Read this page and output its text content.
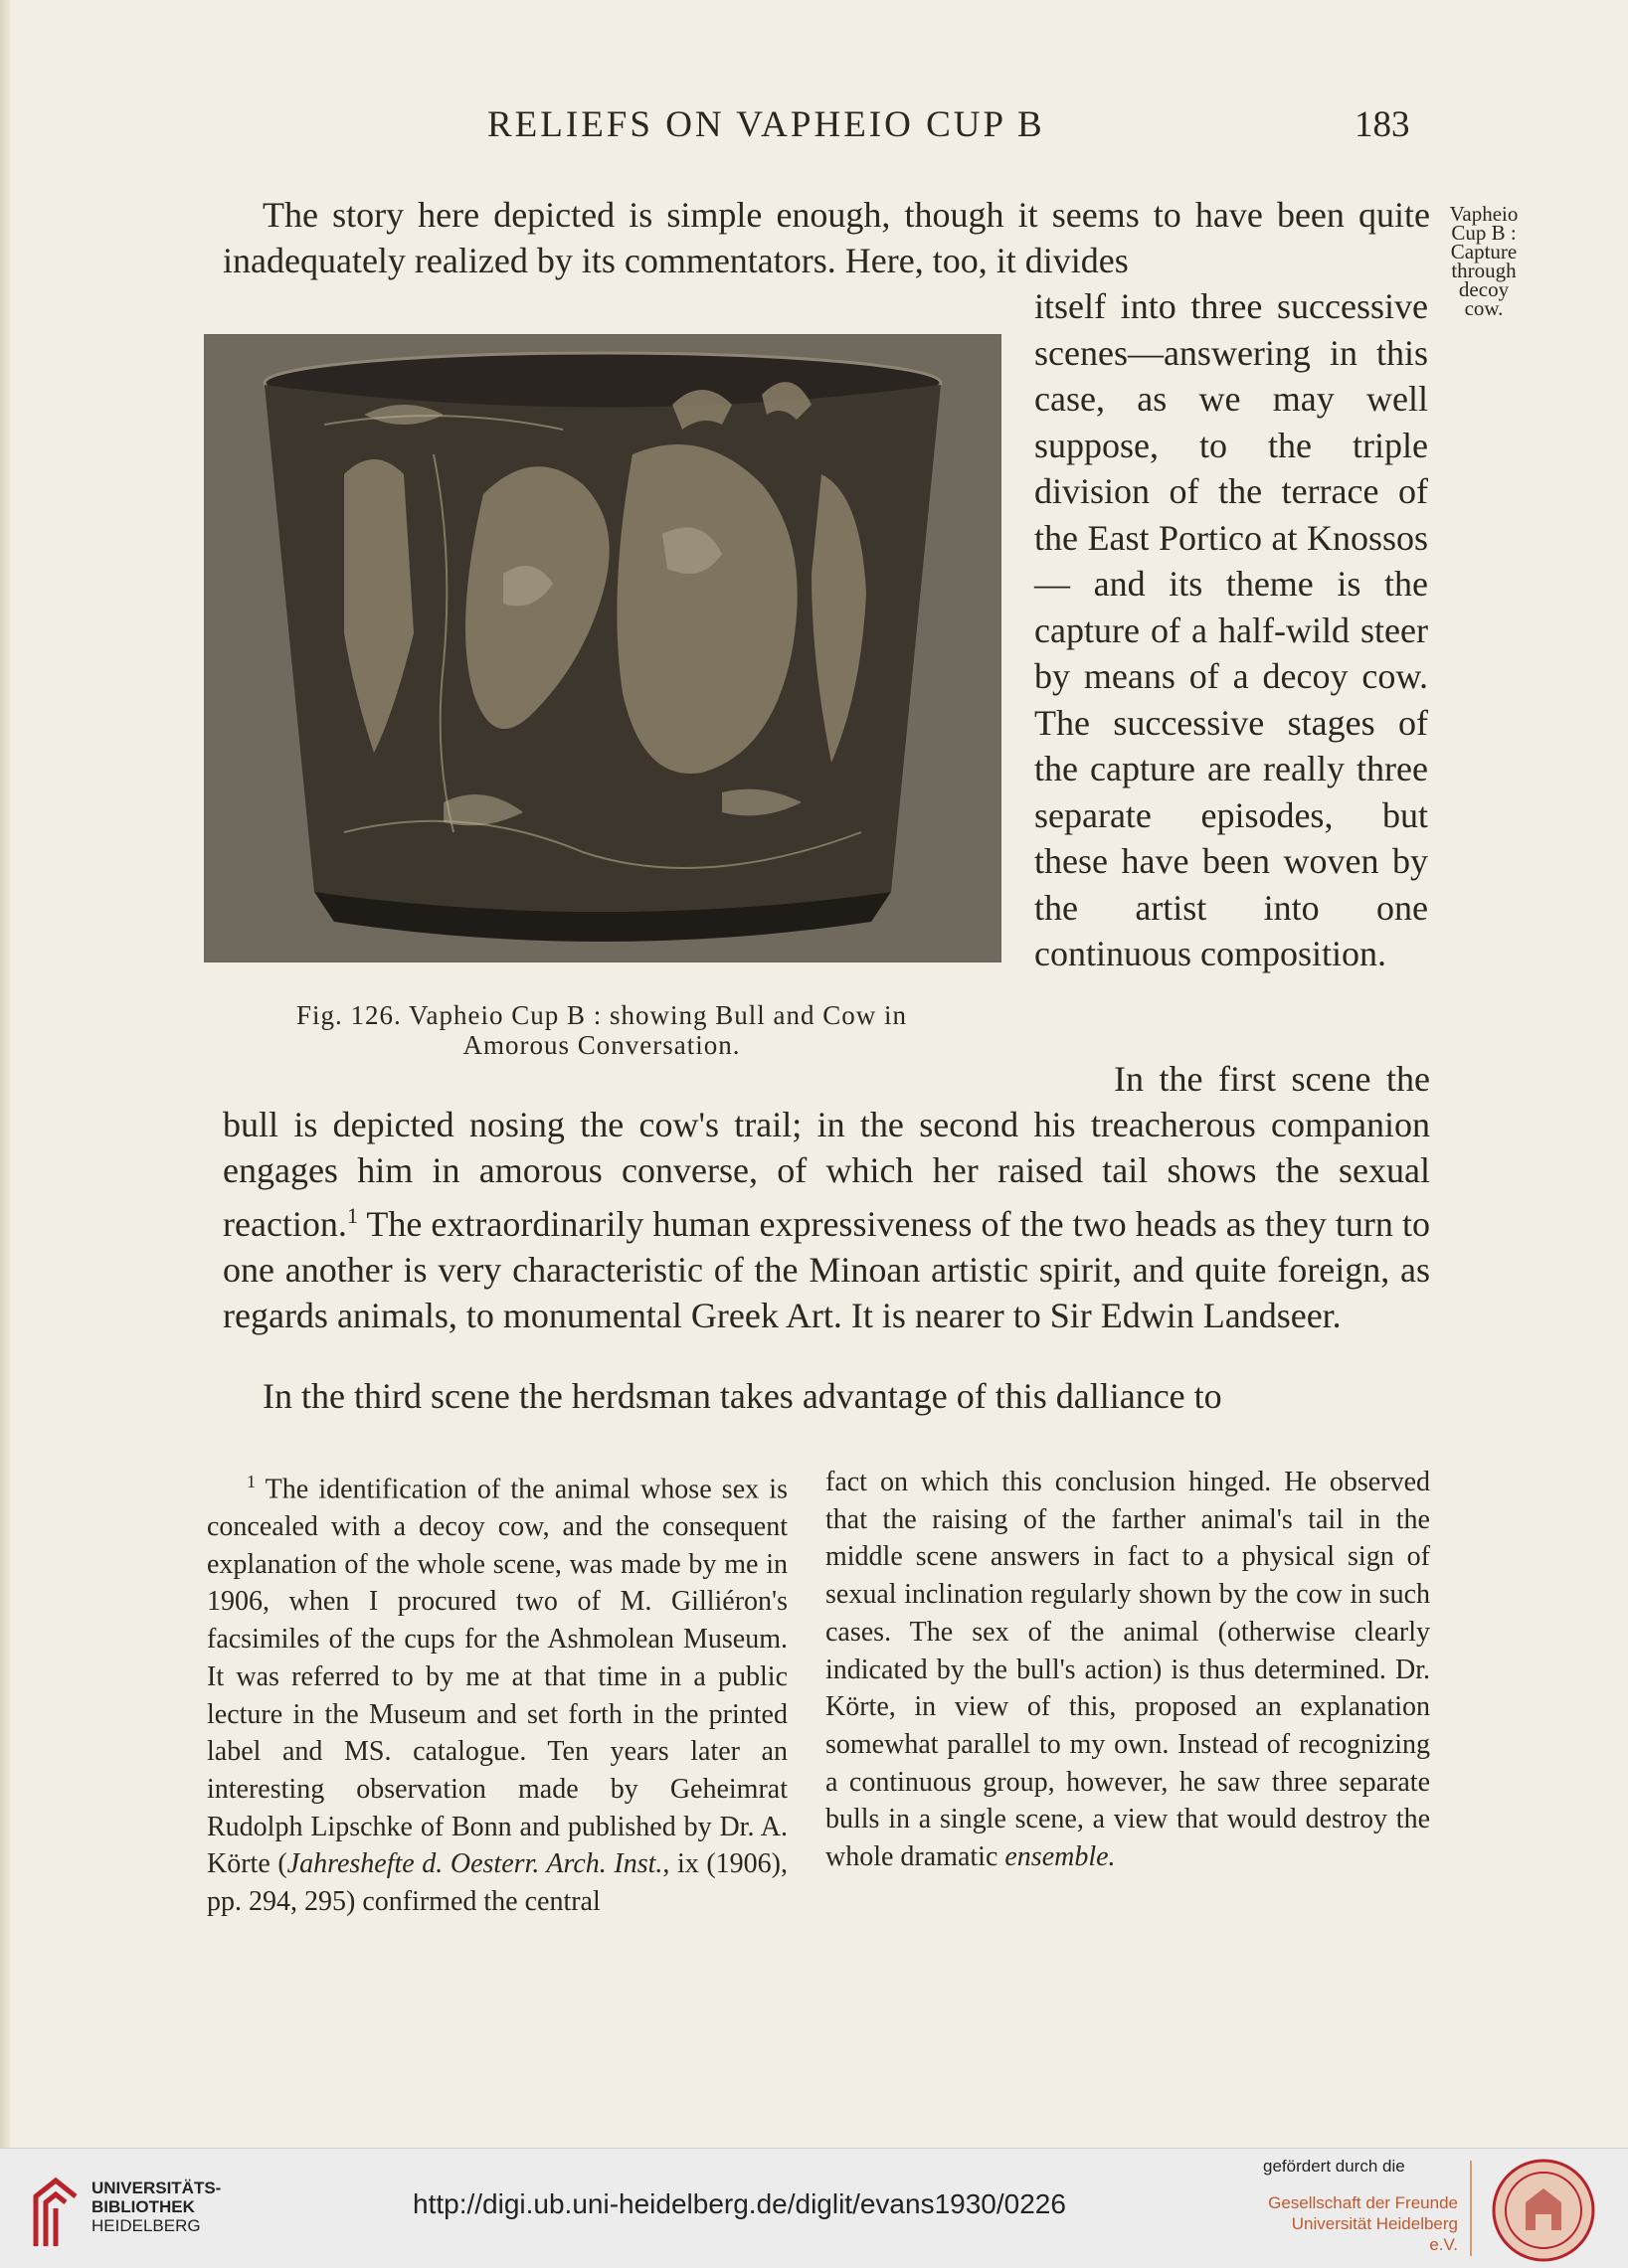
RELIEFS ON VAPHEIO CUP B	183
Vapheio
Cup B :
Capture
through
decoy
cow.

The story here depicted is simple enough, though it seems to have been quite inadequately realized by its commentators. Here, too, it divides

itself into three successive scenes—answering in this case, as we may well suppose, to the triple division of the terrace of the East Portico at Knossos — and its theme is the capture of a half-wild steer by means of a decoy cow. The successive stages of the capture are really three separate episodes, but these have been woven by the artist into one continuous composition.
Fig. 126. Vapheio Cup B : showing Bull and Cow in
Amorous Conversation.

In the first scene the bull is depicted nosing the cow's trail; in the second his treacherous companion engages him in amorous converse, of which her raised tail shows the sexual reaction.$^1$ The extraordinarily human expressiveness of the two heads as they turn to one another is very characteristic of the Minoan artistic spirit, and quite foreign, as regards animals, to monumental Greek Art. It is nearer to Sir Edwin Landseer.

In the third scene the herdsman takes advantage of this dalliance to

$^1$ The identification of the animal whose sex is concealed with a decoy cow, and the consequent explanation of the whole scene, was made by me in 1906, when I procured two of M. Gilliéron's facsimiles of the cups for the Ashmolean Museum. It was referred to by me at that time in a public lecture in the Museum and set forth in the printed label and MS. catalogue. Ten years later an interesting observation made by Geheimrat Rudolph Lipschke of Bonn and published by Dr. A. Körte (Jahreshefte d. Oesterr. Arch. Inst., ix (1906), pp. 294, 295) confirmed the central

fact on which this conclusion hinged. He observed that the raising of the farther animal's tail in the middle scene answers in fact to a physical sign of sexual inclination regularly shown by the cow in such cases. The sex of the animal (otherwise clearly indicated by the bull's action) is thus determined. Dr. Körte, in view of this, proposed an explanation somewhat parallel to my own. Instead of recognizing a continuous group, however, he saw three separate bulls in a single scene, a view that would destroy the whole dramatic ensemble.

UNIVERSITÄTS-
BIBLIOTHEK
HEIDELBERG
http://digi.ub.uni-heidelberg.de/diglit/evans1930/0226
gefördert durch die
Gesellschaft der Freunde
Universität Heidelberg e.V.
